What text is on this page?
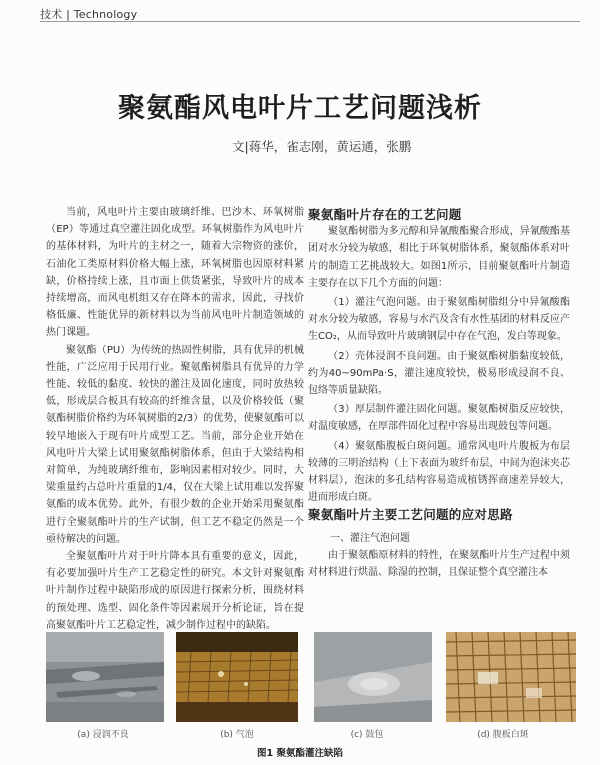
技术 | Technology
聚氨酯风电叶片工艺问题浅析
文|蒋华，雀志刚，黄运通，张鹏

当前，风电叶片主要由玻璃纤维、巴沙木、环氧树脂（EP）等通过真空灌注固化成型。环氧树脂作为风电叶片的基体材料，为叶片的主材之一，随着大宗物资的涨价，石油化工类原材料价格大幅上涨，环氧树脂也因原材料紧缺，价格持续上涨，且市面上供货紧张，导致叶片的成本持续增高，而风电机组又存在降本的需求，因此，寻找价格低廉、性能优异的新材料以为当前风电叶片制造领域的热门课题。

聚氨酯（PU）为传统的热固性树脂，具有优异的机械性能，广泛应用于民用行业。聚氨酯树脂具有优异的力学性能、较低的黏度、较快的灌注及固化速度，同时放热较低，形成层合板具有较高的纤维含量，以及价格较低（聚氨酯树脂价格约为环氧树脂的2/3）的优势，使聚氨酯可以较早地嵌入于现有叶片成型工艺。当前，部分企业开始在风电叶片大梁上试用聚氨酯树脂体系，但由于大梁结构相对简单，为纯玻璃纤维布，影响因素相对较少。同时，大梁重量约占总叶片重量的1/4，仅在大梁上试用难以发挥聚氨酯的成本优势。此外，有很少数的企业开始采用聚氨酯进行全聚氨酯叶片的生产试制，但工艺不稳定仍然是一个亟待解决的问题。

全聚氨酯叶片对于叶片降本具有重要的意义，因此，有必要加强叶片生产工艺稳定性的研究。本文针对聚氨酯叶片制作过程中缺陷形成的原因进行探索分析，围绕材料的预处理、选型、固化条件等因素展开分析论证，旨在提高聚氨酯叶片工艺稳定性，减少制作过程中的缺陷。

聚氨酯叶片存在的工艺问题

聚氨酯树脂为多元醇和异氰酸酯聚合形成，异氰酸酯基团对水分较为敏感，相比于环氧树脂体系，聚氨酯体系对叶片的制造工艺挑战较大。如图1所示，目前聚氨酯叶片制造主要存在以下几个方面的问题：

（1）灌注气泡问题。由于聚氨酯树脂组分中异氰酸酯对水分较为敏感，容易与水汽及含有水性基团的材料反应产生CO₂，从而导致叶片玻璃钢层中存在气泡，发白等现象。

（2）壳体浸润不良问题。由于聚氨酯树脂黏度较低，约为40~90mPa·S，灌注速度较快，极易形成浸润不良、包络等质量缺陷。

（3）厚层制件灌注固化问题。聚氨酯树脂反应较快，对温度敏感，在厚部件固化过程中容易出现鼓包等问题。

（4）聚氨酯腹板白斑问题。通常风电叶片腹板为布层较薄的三明治结构（上下表面为玻纤布层，中间为泡沫夹芯材料层），泡沫的多孔结构容易造成植锈挥商速差异较大，进而形成白斑。

聚氨酯叶片主要工艺问题的应对思路

一、灌注气泡问题

由于聚氨酯原材料的特性，在聚氨酯叶片生产过程中须对材料进行烘温、除湿的控制，且保证整个真空灌注本

(a) 浸润不良	(b) 气泡	(c) 鼓包	(d) 腹板白斑
图1 聚氨酯灌注缺陷
